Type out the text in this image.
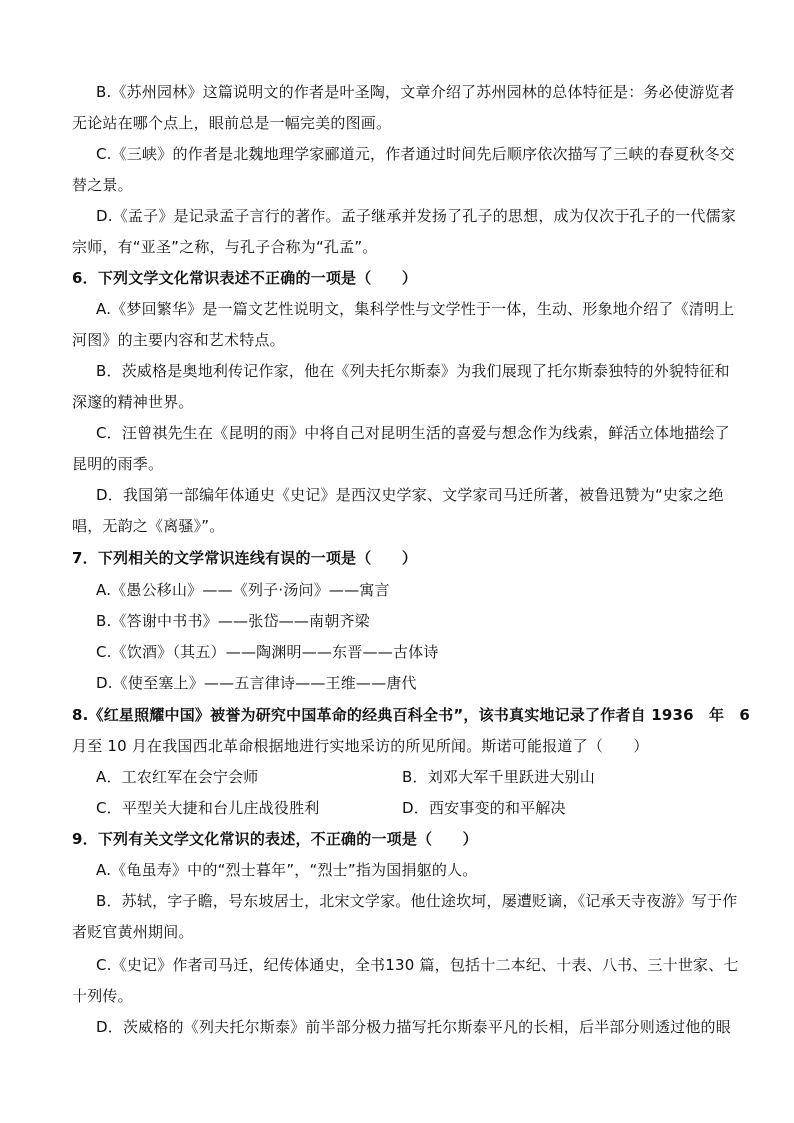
B.《苏州园林》这篇说明文的作者是叶圣陶，文章介绍了苏州园林的总体特征是：务必使游览者
无论站在哪个点上，眼前总是一幅完美的图画。
C.《三峡》的作者是北魏地理学家郦道元，作者通过时间先后顺序依次描写了三峡的春夏秋冬交
替之景。
D.《孟子》是记录孟子言行的著作。孟子继承并发扬了孔子的思想，成为仅次于孔子的一代儒家
宗师，有“亚圣”之称，与孔子合称为“孔孟”。
6．下列文学文化常识表述不正确的一项是（　　）
A.《梦回繁华》是一篇文艺性说明文，集科学性与文学性于一体，生动、形象地介绍了《清明上
河图》的主要内容和艺术特点。
B．茨威格是奥地利传记作家，他在《列夫托尔斯泰》为我们展现了托尔斯泰独特的外貌特征和
深邃的精神世界。
C．汪曾祺先生在《昆明的雨》中将自己对昆明生活的喜爱与想念作为线索，鲜活立体地描绘了
昆明的雨季。
D．我国第一部编年体通史《史记》是西汉史学家、文学家司马迁所著，被鲁迅赞为“史家之绝
唱，无韵之《离骚》”。
7．下列相关的文学常识连线有误的一项是（　　）
A.《愚公移山》——《列子·汤问》——寓言
B.《答谢中书书》——张岱——南朝齐梁
C.《饮酒》（其五）——陶渊明——东晋——古体诗
D.《使至塞上》——五言律诗——王维——唐代
8.《红星照耀中国》被誉为研究中国革命的经典百科全书”，该书真实地记录了作者自 1936　年　6
月至 10 月在我国西北革命根据地进行实地采访的所见所闻。斯诺可能报道了（　　）
A．工农红军在会宁会师	B．刘邓大军千里跃进大别山
C．平型关大捷和台儿庄战役胜利	D．西安事变的和平解决
9．下列有关文学文化常识的表述，不正确的一项是（　　）
A.《龟虽寿》中的“烈士暮年”，“烈士”指为国捐躯的人。
B．苏轼，字子瞻，号东坡居士，北宋文学家。他仕途坎坷，屡遭贬谪，《记承天寺夜游》写于作
者贬官黄州期间。
C.《史记》作者司马迁，纪传体通史，全书130 篇，包括十二本纪、十表、八书、三十世家、七
十列传。
D．茨威格的《列夫托尔斯泰》前半部分极力描写托尔斯泰平凡的长相，后半部分则透过他的眼
